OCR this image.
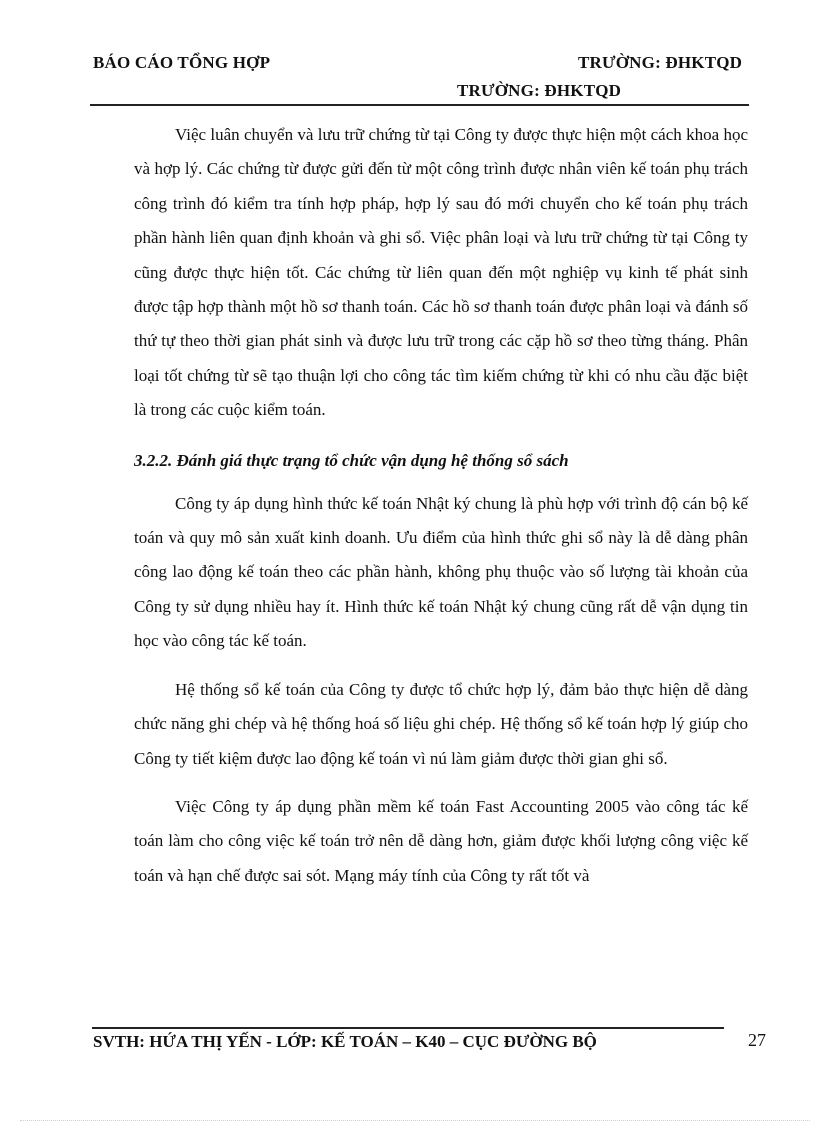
BÁO CÁO TỔNG HỢP	TRƯỜNG: ĐHKTQD
TRƯỜNG: ĐHKTQD

Việc luân chuyển và lưu trữ chứng từ tại Công ty được thực hiện một cách khoa học và hợp lý. Các chứng từ được gửi đến từ một công trình được nhân viên kế toán phụ trách công trình đó kiểm tra tính hợp pháp, hợp lý sau đó mới chuyển cho kế toán phụ trách phần hành liên quan định khoản và ghi sổ. Việc phân loại và lưu trữ chứng từ tại Công ty cũng được thực hiện tốt. Các chứng từ liên quan đến một nghiệp vụ kinh tế phát sinh được tập hợp thành một hồ sơ thanh toán. Các hồ sơ thanh toán được phân loại và đánh số thứ tự theo thời gian phát sinh và được lưu trữ trong các cặp hồ sơ theo từng tháng. Phân loại tốt chứng từ sẽ tạo thuận lợi cho công tác tìm kiếm chứng từ khi có nhu cầu đặc biệt là trong các cuộc kiểm toán.

3.2.2. Đánh giá thực trạng tổ chức vận dụng hệ thống sổ sách

Công ty áp dụng hình thức kế toán Nhật ký chung là phù hợp với trình độ cán bộ kế toán và quy mô sản xuất kinh doanh. Ưu điểm của hình thức ghi sổ này là dễ dàng phân công lao động kế toán theo các phần hành, không phụ thuộc vào số lượng tài khoản của Công ty sử dụng nhiều hay ít. Hình thức kế toán Nhật ký chung cũng rất dễ vận dụng tin học vào công tác kế toán.

Hệ thống sổ kế toán của Công ty được tổ chức hợp lý, đảm bảo thực hiện dễ dàng chức năng ghi chép và hệ thống hoá số liệu ghi chép. Hệ thống sổ kế toán hợp lý giúp cho Công ty tiết kiệm được lao động kế toán vì nú làm giảm được thời gian ghi sổ.

Việc Công ty áp dụng phần mềm kế toán Fast Accounting 2005 vào công tác kế toán làm cho công việc kế toán trở nên dễ dàng hơn, giảm được khối lượng công việc kế toán và hạn chế được sai sót. Mạng máy tính của Công ty rất tốt và

SVTH: HỨA THỊ YẾN - LỚP: KẾ TOÁN – K40 – CỤC ĐƯỜNG BỘ	27
